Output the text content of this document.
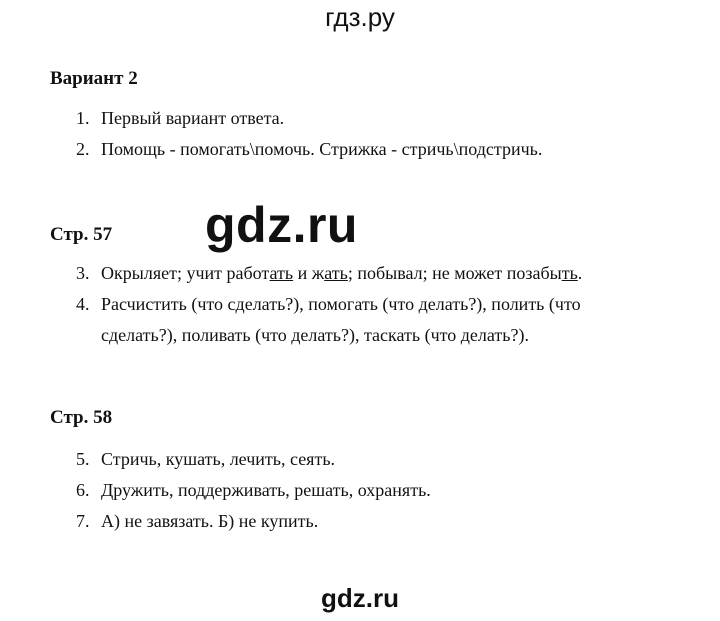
гдз.ру
Вариант 2
1. Первый вариант ответа.
2. Помощь - помогать\помочь. Стрижка - стричь\подстричь.
gdz.ru
Стр. 57
3. Окрыляет; учит работать и жать; побывал; не может позабыть.
4. Расчистить (что сделать?), помогать (что делать?), полить (что
сделать?), поливать (что делать?), таскать (что делать?).
Стр. 58
5. Стричь, кушать, лечить, сеять.
6. Дружить, поддерживать, решать, охранять.
7. А) не завязать. Б) не купить.
gdz.ru
